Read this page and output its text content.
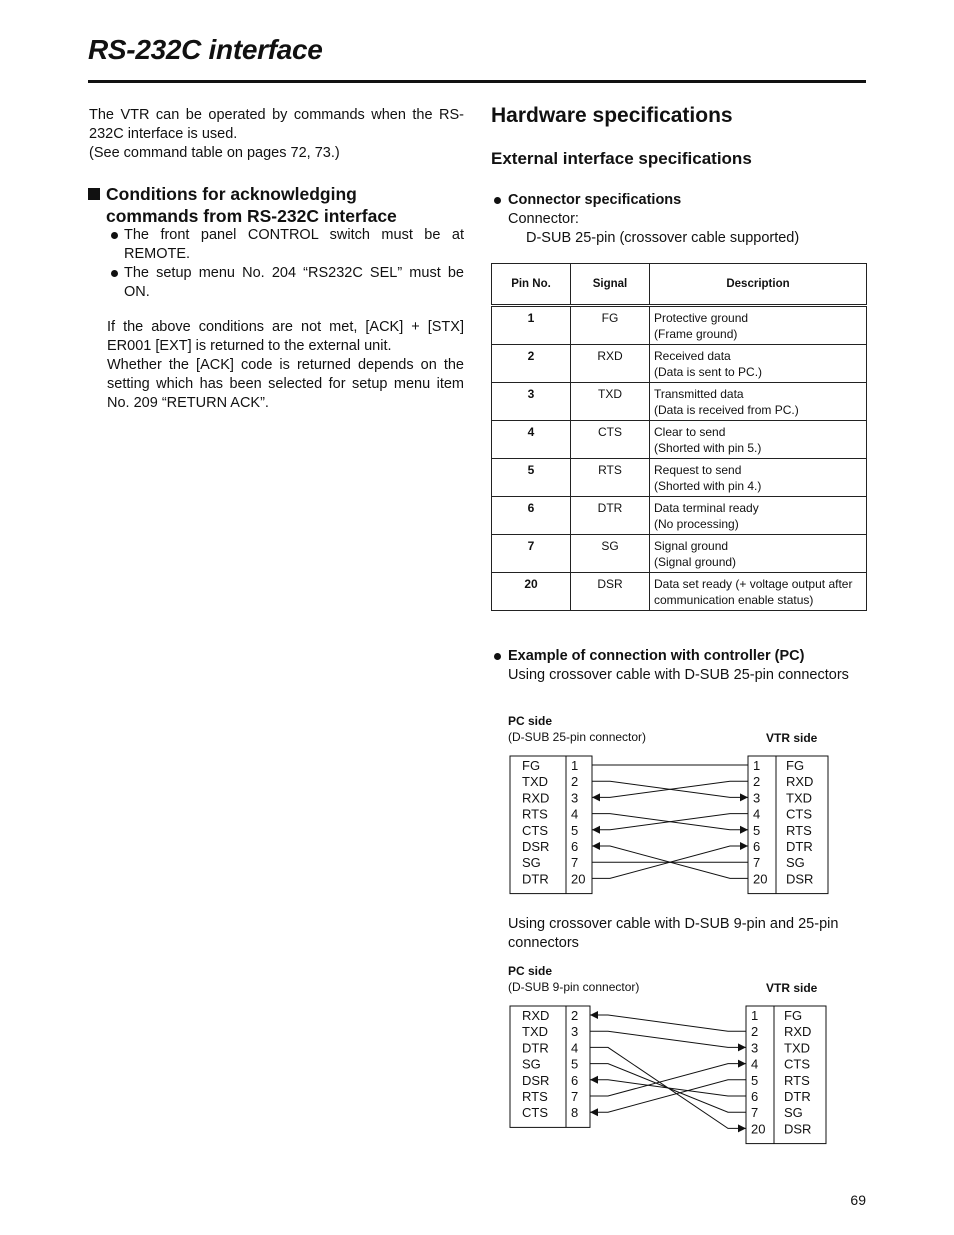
RS-232C interface
The VTR can be operated by commands when the RS-232C interface is used.
(See command table on pages 72, 73.)
Conditions for acknowledging
commands from RS-232C interface
The front panel CONTROL switch must be at REMOTE.
The setup menu No. 204 “RS232C SEL” must be ON.
If the above conditions are not met, [ACK] + [STX] ER001 [EXT] is returned to the external unit.
Whether the [ACK] code is returned depends on the setting which has been selected for setup menu item No. 209 “RETURN ACK”.
Hardware specifications
External interface specifications
Connector specifications
Connector:
D-SUB 25-pin (crossover cable supported)
Pin No.	Signal	Description
1	FG	Protective ground
(Frame ground)

2	RXD	Received data
(Data is sent to PC.)

3	TXD	Transmitted data
(Data is received from PC.)

4	CTS	Clear to send
(Shorted with pin 5.)

5	RTS	Request to send
(Shorted with pin 4.)

6	DTR	Data terminal ready
(No processing)

7	SG	Signal ground
(Signal ground)

20	DSR	Data set ready (+ voltage output after
communication enable status)
Example of connection with controller (PC)
Using crossover cable with D-SUB 25-pin connectors
PC side
(D-SUB 25-pin connector)	VTR side
Using crossover cable with D-SUB 9-pin and 25-pin connectors
PC side
(D-SUB 9-pin connector)	VTR side
FG 1
TXD 2
RXD 3
RTS 4
CTS 5
DSR 6
SG 7
DTR 20
1 FG
2 RXD
3 TXD
4 CTS
5 RTS
6 DTR
7 SG
20 DSR
RXD 2
TXD 3
DTR 4
SG 5
DSR 6
RTS 7
CTS 8
1 FG
2 RXD
3 TXD
4 CTS
5 RTS
6 DTR
7 SG
20 DSR
69
